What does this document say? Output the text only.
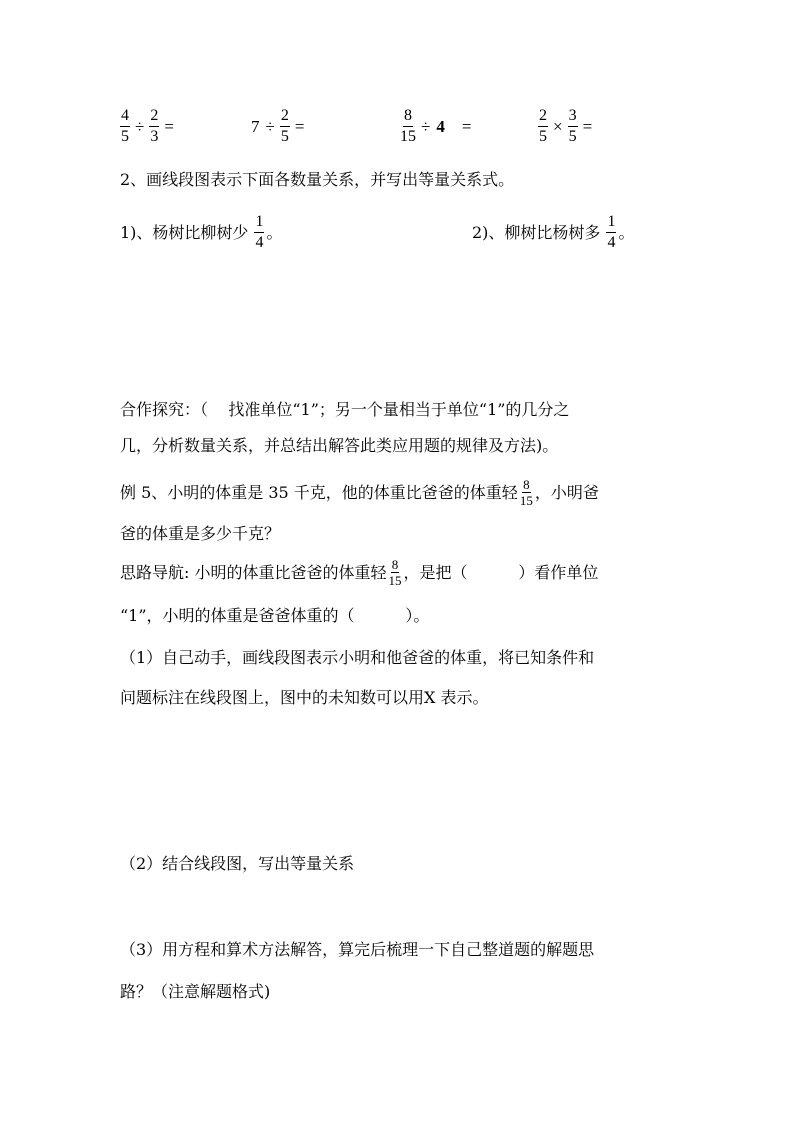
$\frac{4}{5} \div \frac{2}{3}$ =	$7 \div \frac{2}{5}$ =	$\frac{8}{15} \div 4$ =	$\frac{2}{5} \times \frac{3}{5}$ =
2、画线段图表示下面各数量关系，并写出等量关系式。
1)、杨树比柳树少 $\frac{1}{4}$ 。	2)、柳树比杨树多 $\frac{1}{4}$ 。
合作探究：（    找准单位“1”；另一个量相当于单位“1”的几分之
几，分析数量关系，并总结出解答此类应用题的规律及方法)。
例 5、小明的体重是 35 千克，他的体重比爸爸的体重轻 $\frac{8}{15}$ ，小明爸
爸的体重是多少千克？
思路导航: 小明的体重比爸爸的体重轻 $\frac{8}{15}$ ，是把（          ）看作单位
“1”，小明的体重是爸爸体重的（          ）。
（1）自己动手，画线段图表示小明和他爸爸的体重，将已知条件和
问题标注在线段图上，图中的未知数可以用X 表示。
（2）结合线段图，写出等量关系
（3）用方程和算术方法解答，算完后梳理一下自己整道题的解题思
路？（注意解题格式)
